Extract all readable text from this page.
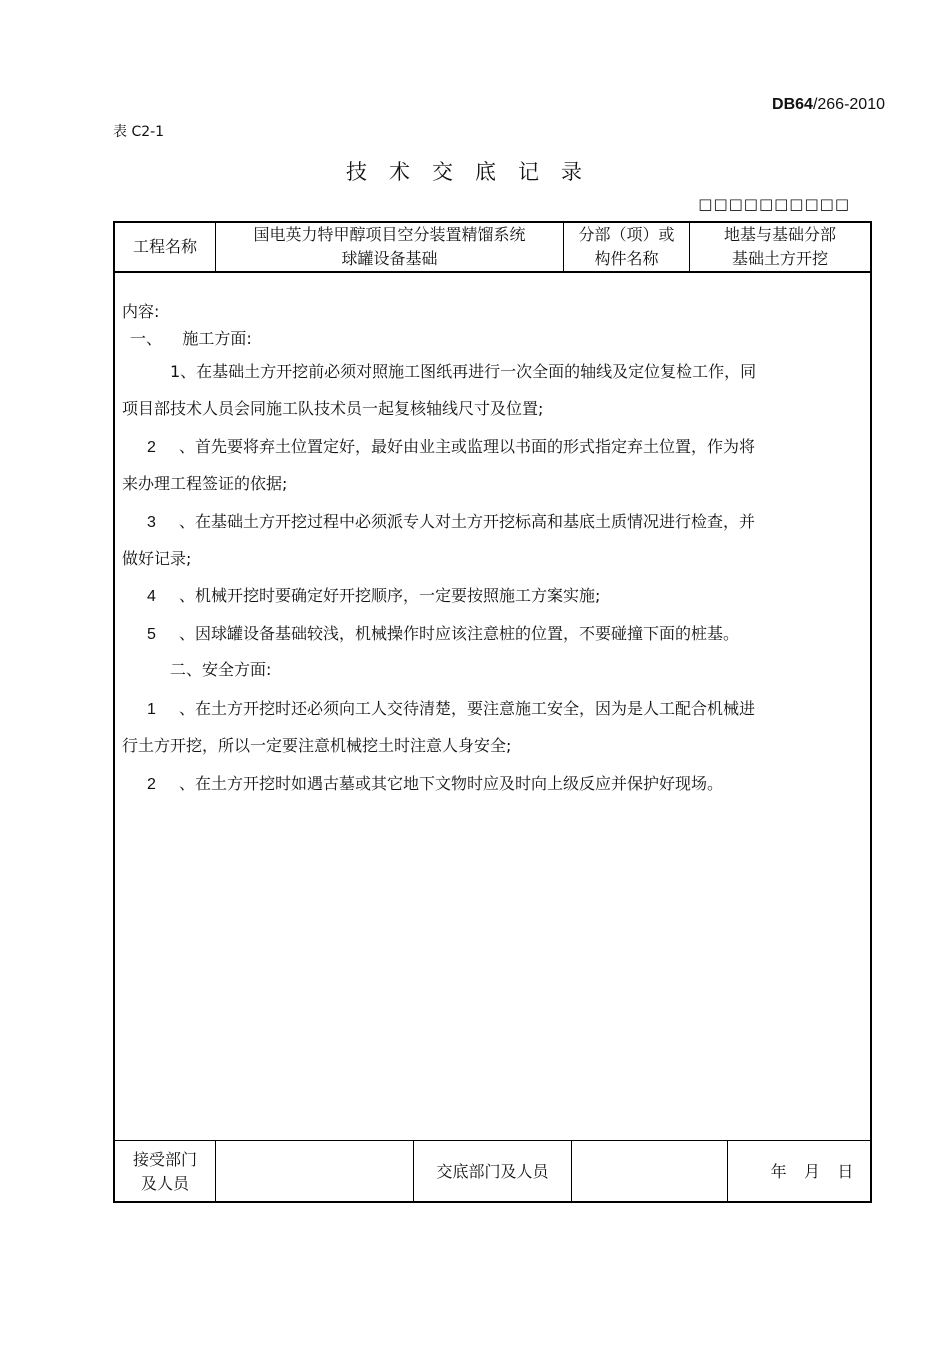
DB64/266-2010
表 C2-1
技术交底记录
□□□□□□□□□□
工程名称
国电英力特甲醇项目空分装置精馏系统
球罐设备基础
分部（项）或
构件名称
地基与基础分部
基础土方开挖
内容:
一、    施工方面:
1、在基础土方开挖前必须对照施工图纸再进行一次全面的轴线及定位复检工作，同
项目部技术人员会同施工队技术员一起复核轴线尺寸及位置;
2 、首先要将弃土位置定好，最好由业主或监理以书面的形式指定弃土位置，作为将
来办理工程签证的依据;
3 、在基础土方开挖过程中必须派专人对土方开挖标高和基底土质情况进行检查，并
做好记录;
4 、机械开挖时要确定好开挖顺序，一定要按照施工方案实施;
5 、因球罐设备基础较浅，机械操作时应该注意桩的位置，不要碰撞下面的桩基。
二、安全方面:
1 、在土方开挖时还必须向工人交待清楚，要注意施工安全，因为是人工配合机械进
行土方开挖，所以一定要注意机械挖土时注意人身安全;
2 、在土方开挖时如遇古墓或其它地下文物时应及时向上级反应并保护好现场。
接受部门
及人员
交底部门及人员	年 月 日
